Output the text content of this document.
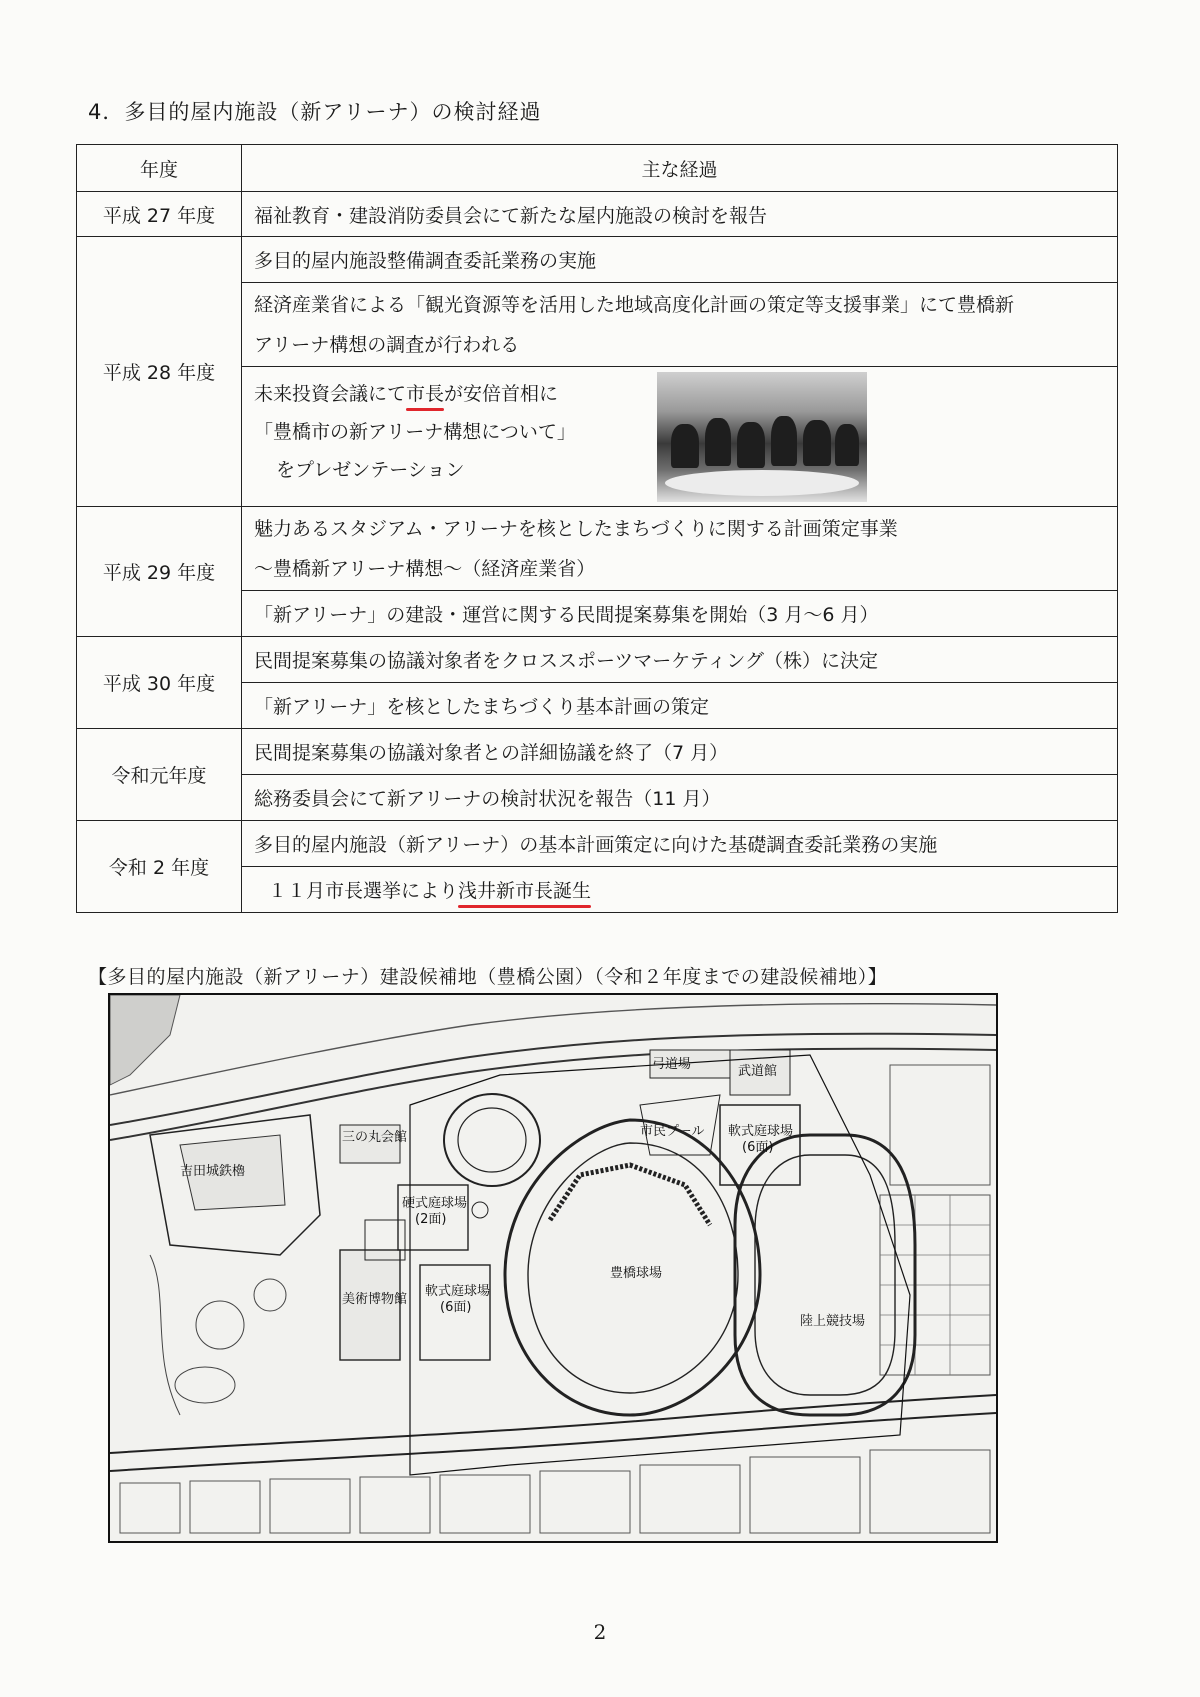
4．多目的屋内施設（新アリーナ）の検討経過
年度	主な経過
平成 27 年度	福祉教育・建設消防委員会にて新たな屋内施設の検討を報告
平成 28 年度	多目的屋内施設整備調査委託業務の実施

	経済産業省による「観光資源等を活用した地域高度化計画の策定等支援事業」にて豊橋新
アリーナ構想の調査が行われる

	未来投資会議にて市長が安倍首相に
「豊橋市の新アリーナ構想について」
をプレゼンテーション

平成 29 年度	魅力あるスタジアム・アリーナを核としたまちづくりに関する計画策定事業
～豊橋新アリーナ構想～（経済産業省）

	「新アリーナ」の建設・運営に関する民間提案募集を開始（3 月～6 月）
平成 30 年度	民間提案募集の協議対象者をクロススポーツマーケティング（株）に決定
	「新アリーナ」を核としたまちづくり基本計画の策定
令和元年度	民間提案募集の協議対象者との詳細協議を終了（7 月）
	総務委員会にて新アリーナの検討状況を報告（11 月）
令和 2 年度	多目的屋内施設（新アリーナ）の基本計画策定に向けた基礎調査委託業務の実施
	１１月市長選挙により浅井新市長誕生
【多目的屋内施設（新アリーナ）建設候補地（豊橋公園）（令和２年度までの建設候補地）】
吉田城鉄櫓
三の丸会館
弓道場	武道館
市民プール 軟式庭球場
(6面)
硬式庭球場
(2面)
軟式庭球場
(6面)
美術博物館
豊橋球場
陸上競技場
2
